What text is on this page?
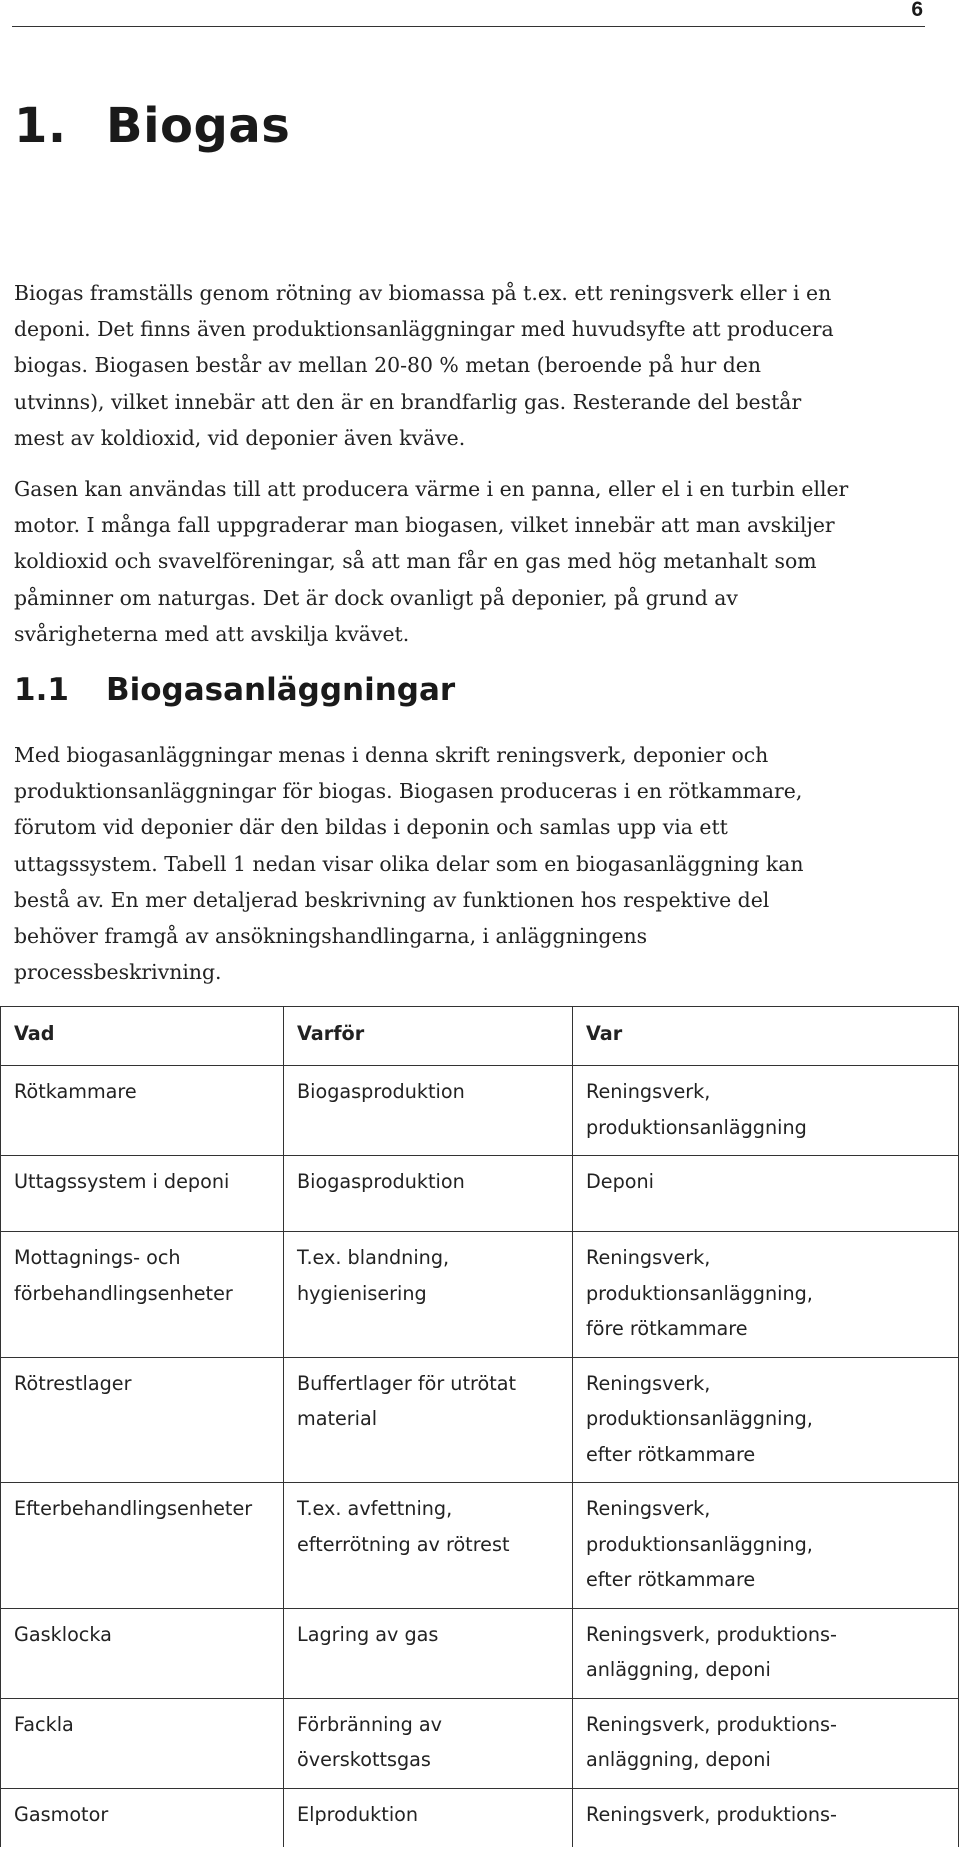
6
1. Biogas
Biogas framställs genom rötning av biomassa på t.ex. ett reningsverk eller i en
deponi. Det finns även produktionsanläggningar med huvudsyfte att producera
biogas. Biogasen består av mellan 20-80 % metan (beroende på hur den
utvinns), vilket innebär att den är en brandfarlig gas. Resterande del består
mest av koldioxid, vid deponier även kväve.
Gasen kan användas till att producera värme i en panna, eller el i en turbin eller
motor. I många fall uppgraderar man biogasen, vilket innebär att man avskiljer
koldioxid och svavelföreningar, så att man får en gas med hög metanhalt som
påminner om naturgas. Det är dock ovanligt på deponier, på grund av
svårigheterna med att avskilja kvävet.
1.1 Biogasanläggningar
Med biogasanläggningar menas i denna skrift reningsverk, deponier och
produktionsanläggningar för biogas. Biogasen produceras i en rötkammare,
förutom vid deponier där den bildas i deponin och samlas upp via ett
uttagssystem. Tabell 1 nedan visar olika delar som en biogasanläggning kan
bestå av. En mer detaljerad beskrivning av funktionen hos respektive del
behöver framgå av ansökningshandlingarna, i anläggningens
processbeskrivning.
Vad	Varför	Var

Rötkammare	Biogasproduktion	Reningsverk,
produktionsanläggning

Uttagssystem i deponi	Biogasproduktion	Deponi

Mottagnings- och
förbehandlingsenheter	T.ex. blandning,
hygienisering	Reningsverk,
produktionsanläggning,
före rötkammare

Rötrestlager	Buffertlager för utrötat
material	Reningsverk,
produktionsanläggning,
efter rötkammare

Efterbehandlingsenheter	T.ex. avfettning,
efterrötning av rötrest	Reningsverk,
produktionsanläggning,
efter rötkammare

Gasklocka	Lagring av gas	Reningsverk, produktions-
anläggning, deponi

Fackla	Förbränning av
överskottsgas	Reningsverk, produktions-
anläggning, deponi

Gasmotor	Elproduktion	Reningsverk, produktions-
